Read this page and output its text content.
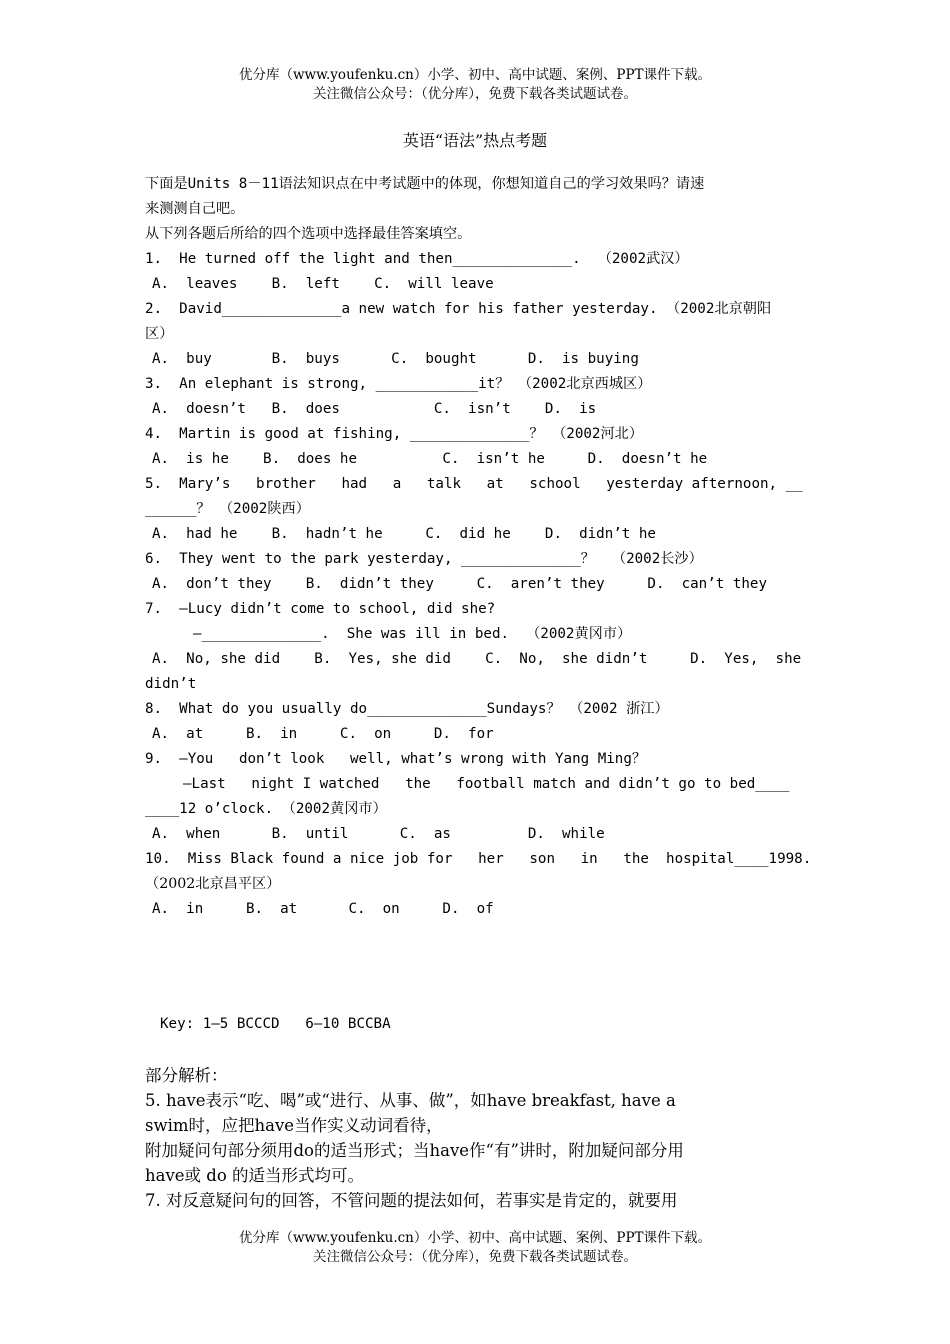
优分库（www.youfenku.cn）小学、初中、高中试题、案例、PPT课件下载。
关注微信公众号：（优分库），免费下载各类试题试卷。
英语“语法”热点考题
下面是Units 8－11语法知识点在中考试题中的体现，你想知道自己的学习效果吗？请速
来测测自己吧。
从下列各题后所给的四个选项中选择最佳答案填空。
1.  He turned off the light and then______________.  （2002武汉）
A.  leaves    B.  left    C.  will leave
2.  David______________a new watch for his father yesterday. （2002北京朝阳
区）
A.  buy       B.  buys      C.  bought      D.  is buying
3.  An elephant is strong, ____________it？ （2002北京西城区）
A.  doesn’t   B.  does           C.  isn’t    D.  is
4.  Martin is good at fishing, ______________？ （2002河北）
A.  is he    B.  does he          C.  isn’t he     D.  doesn’t he
5.  Mary’s   brother   had   a   talk   at   school   yesterday afternoon, __
______？ （2002陕西）
A.  had he    B.  hadn’t he     C.  did he    D.  didn’t he
6.  They went to the park yesterday, ______________？  （2002长沙）
A.  don’t they    B.  didn’t they     C.  aren’t they     D.  can’t they
7.  —Lucy didn’t come to school, did she?
—______________.  She was ill in bed.  （2002黄冈市）
A.  No, she did    B.  Yes, she did    C.  No,  she didn’t     D.  Yes,  she
didn’t
8.  What do you usually do______________Sundays？ （2002 浙江）
A.  at     B.  in     C.  on     D.  for
9.  —You   don’t look   well, what’s wrong with Yang Ming？
—Last   night I watched   the   football match and didn’t go to bed____
____12 o’clock. （2002黄冈市）
A.  when      B.  until      C.  as         D.  while
10.  Miss Black found a nice job for   her   son   in   the  hospital____1998.
（2002北京昌平区）
A.  in     B.  at      C.  on     D.  of
Key: 1—5 BCCCD   6—10 BCCBA
部分解析：
5. have表示“吃、喝”或“进行、从事、做”，如have breakfast, have a
swim时，应把have当作实义动词看待，
附加疑问句部分须用do的适当形式；当have作“有”讲时，附加疑问部分用
have或 do 的适当形式均可。
7. 对反意疑问句的回答，不管问题的提法如何，若事实是肯定的，就要用
优分库（www.youfenku.cn）小学、初中、高中试题、案例、PPT课件下载。
关注微信公众号：（优分库），免费下载各类试题试卷。
